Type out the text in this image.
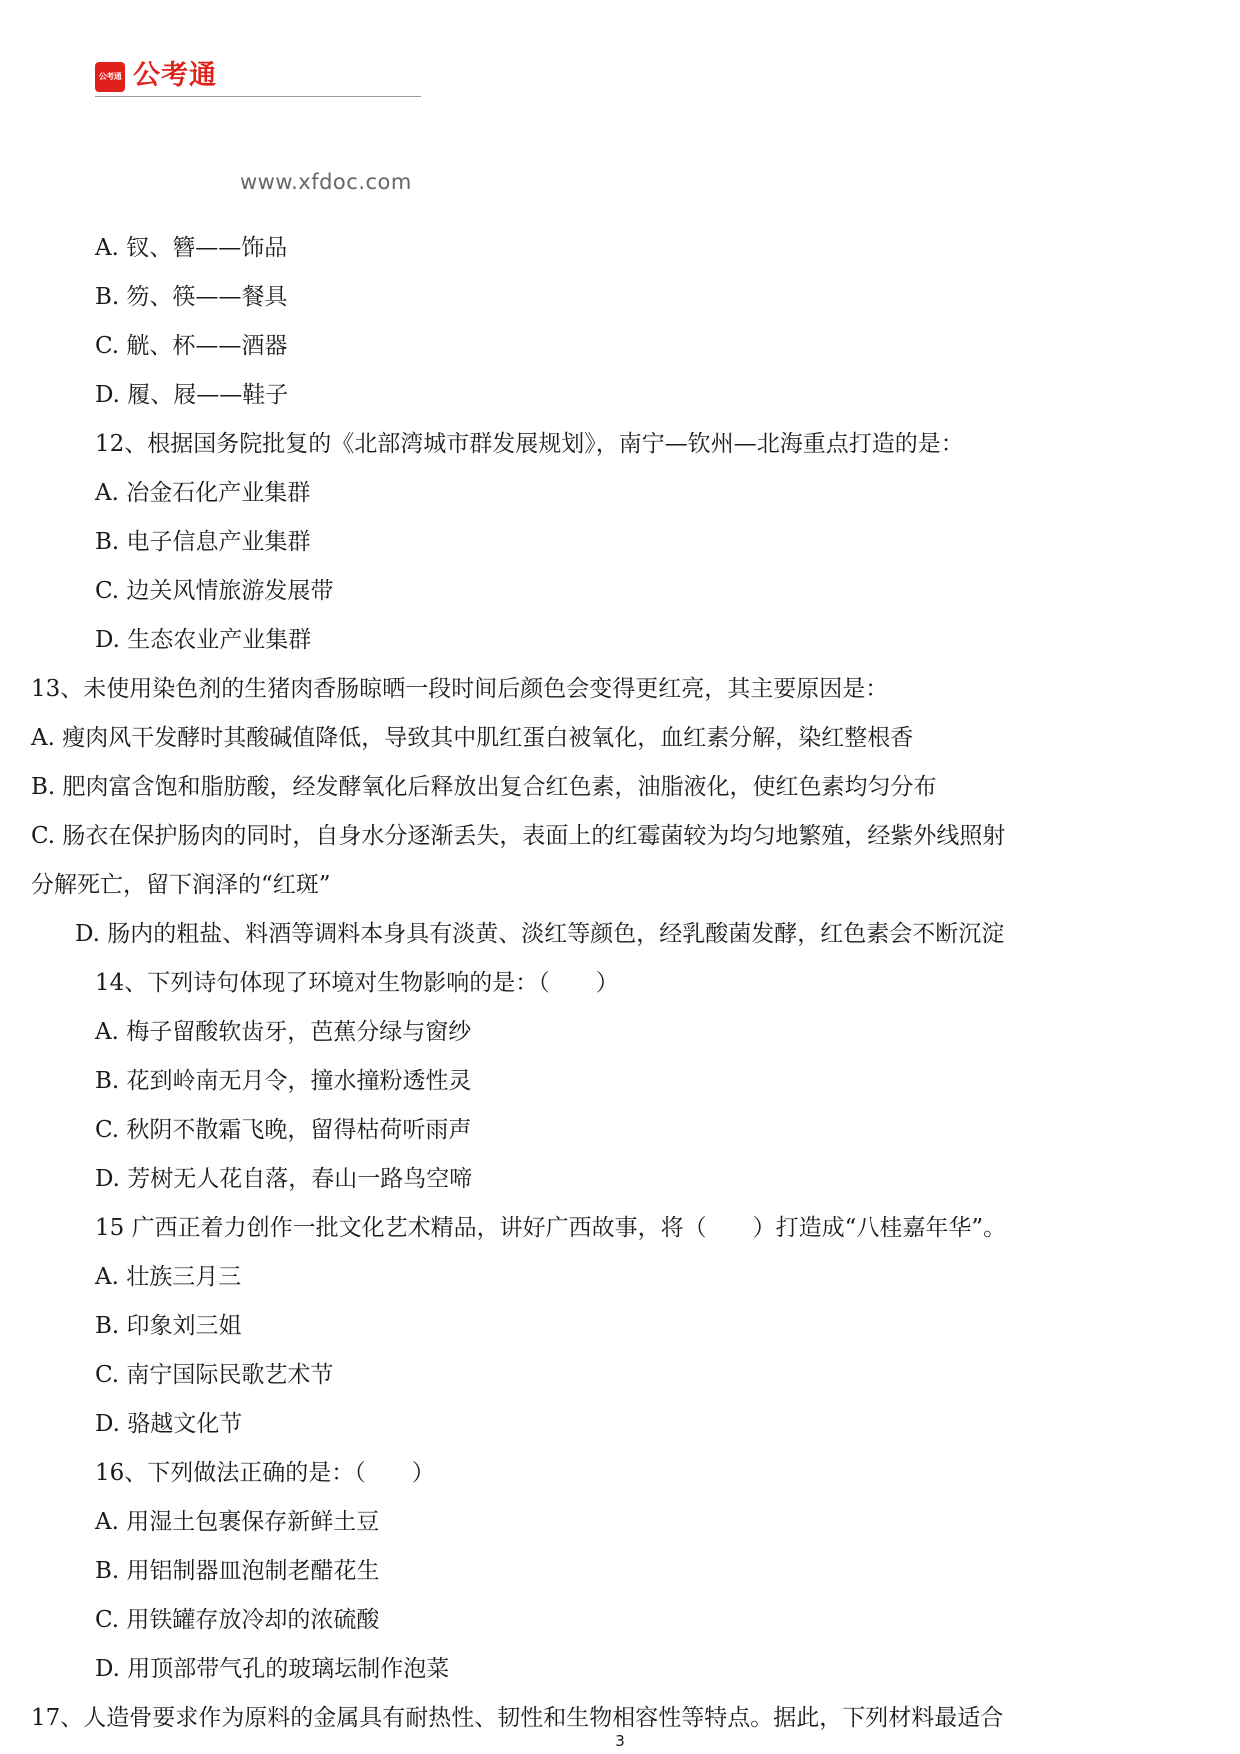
公考通 公考通
www.xfdoc.com
A. 钗、簪——饰品
B. 笏、筷——餐具
C. 觥、杯——酒器
D. 履、屐——鞋子
12、根据国务院批复的《北部湾城市群发展规划》，南宁—钦州—北海重点打造的是：
A. 冶金石化产业集群
B. 电子信息产业集群
C. 边关风情旅游发展带
D. 生态农业产业集群
13、未使用染色剂的生猪肉香肠晾晒一段时间后颜色会变得更红亮，其主要原因是：
A. 瘦肉风干发酵时其酸碱值降低，导致其中肌红蛋白被氧化，血红素分解，染红整根香
B. 肥肉富含饱和脂肪酸，经发酵氧化后释放出复合红色素，油脂液化，使红色素均匀分布
C. 肠衣在保护肠肉的同时，自身水分逐渐丢失，表面上的红霉菌较为均匀地繁殖，经紫外线照射
分解死亡，留下润泽的“红斑”
D. 肠内的粗盐、料酒等调料本身具有淡黄、淡红等颜色，经乳酸菌发酵，红色素会不断沉淀
14、下列诗句体现了环境对生物影响的是：（　　）
A. 梅子留酸软齿牙，芭蕉分绿与窗纱
B. 花到岭南无月令，撞水撞粉透性灵
C. 秋阴不散霜飞晚，留得枯荷听雨声
D. 芳树无人花自落，春山一路鸟空啼
15 广西正着力创作一批文化艺术精品，讲好广西故事，将（　　）打造成“八桂嘉年华”。
A. 壮族三月三
B. 印象刘三姐
C. 南宁国际民歌艺术节
D. 骆越文化节
16、下列做法正确的是：（　　）
A. 用湿土包裹保存新鲜土豆
B. 用铝制器皿泡制老醋花生
C. 用铁罐存放冷却的浓硫酸
D. 用顶部带气孔的玻璃坛制作泡菜
17、人造骨要求作为原料的金属具有耐热性、韧性和生物相容性等特点。据此，下列材料最适合
3
